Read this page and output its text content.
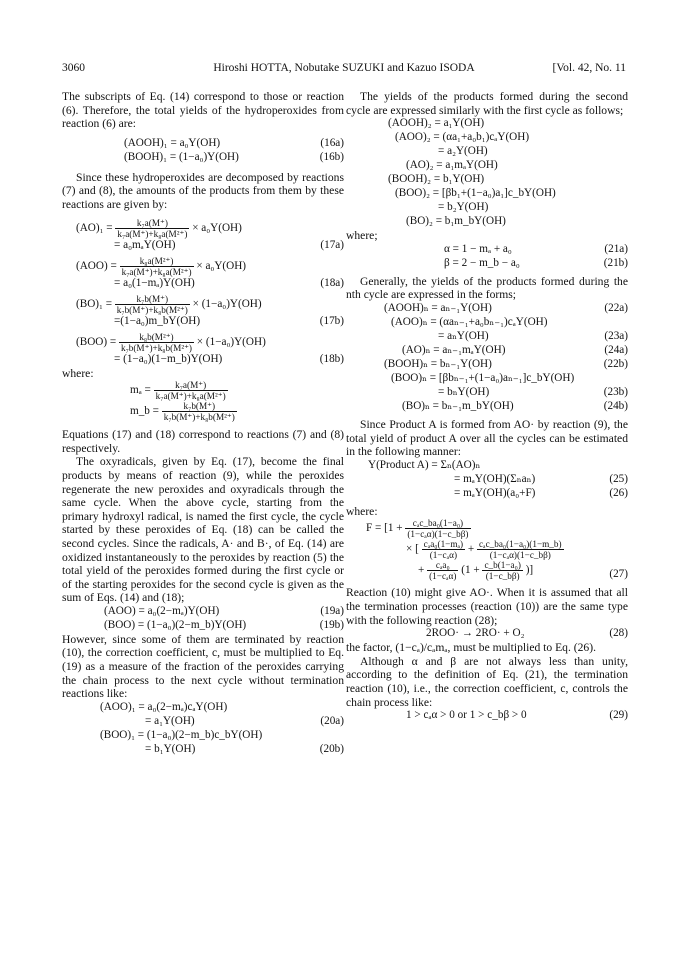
3060	Hiroshi HOTTA, Nobutake SUZUKI and Kazuo ISODA	[Vol. 42, No. 11

The subscripts of Eq. (14) correspond to those or reaction (6). Therefore, the total yields of the hydroperoxides from reaction (6) are:

(AOOH)₁ = a₀Y(OH)	(16a)
(BOOH)₁ = (1−a₀)Y(OH)	(16b)

Since these hydroperoxides are decomposed by reactions (7) and (8), the amounts of the products from them by these reactions are given by:

$(AO)_1 = \frac{\text{k₇a(M⁺)}}{\text{k₇a(M⁺)+k₈a(M²⁺)}} \times a_0Y(OH)$
= a₀mₐY(OH)	(17a)
$(AOO) = \frac{\text{k₈a(M²⁺)}}{\text{k₇a(M⁺)+k₈a(M²⁺)}} \times a_0Y(OH)$
= a₀(1−mₐ)Y(OH)	(18a)
$(BO)_1 = \frac{\text{k₇b(M⁺)}}{\text{k₇b(M⁺)+k₈b(M²⁺)}} \times (1-a_0)Y(OH)$
=(1−a₀)m_bY(OH)	(17b)
$(BOO) = \frac{\text{k₈b(M²⁺)}}{\text{k₇b(M⁺)+k₈b(M²⁺)}} \times (1-a_0)Y(OH)$
= (1−a₀)(1−m_b)Y(OH)	(18b)

where:

$m_a = \frac{\text{k₇a(M⁺)}}{\text{k₇a(M⁺)+k₈a(M²⁺)}}$
m_b = $\frac{\text{k₇b(M⁺)}}{\text{k₇b(M⁺)+k₈b(M²⁺)}}$

Equations (17) and (18) correspond to reactions (7) and (8) respectively.

The oxyradicals, given by Eq. (17), become the final products by means of reaction (9), while the peroxides regenerate the new peroxides and oxyradicals through the same cycle. When the above cycle, starting from the primary hydroxyl radical, is named the first cycle, the cycle started by these peroxides of Eq. (18) can be called the second cycles. Since the radicals, A· and B·, of Eq. (14) are oxidized instantaneously to the peroxides by reaction (5) the total yield of the peroxides formed during the first cycle or of the starting peroxides for the second cycle is given as the sum of Eqs. (14) and (18);

(AOO) = a₀(2−mₐ)Y(OH)	(19a)
(BOO) = (1−a₀)(2−m_b)Y(OH)	(19b)

However, since some of them are terminated by reaction (10), the correction coefficient, c, must be multiplied to Eq. (19) as a measure of the fraction of the peroxides carrying the chain process to the next cycle without termination reactions like:

(AOO)₁ = a₀(2−mₐ)cₐY(OH)
= a₁Y(OH)	(20a)
(BOO)₁ = (1−a₀)(2−m_b)c_bY(OH)
= b₁Y(OH)	(20b)

The yields of the products formed during the second cycle are expressed similarly with the first cycle as follows;

(AOOH)₂ = a₁Y(OH)
(AOO)₂ = (αa₁+a₀b₁)cₐY(OH)
= a₂Y(OH)
(AO)₂ = a₁mₐY(OH)
(BOOH)₂ = b₁Y(OH)
(BOO)₂ = [βb₁+(1−a₀)a₁]c_bY(OH)
= b₂Y(OH)
(BO)₂ = b₁m_bY(OH)

where;

α = 1 − mₐ + a₀	(21a)
β = 2 − m_b − a₀	(21b)

Generally, the yields of the products formed during the nth cycle are expressed in the forms;

(AOOH)ₙ = aₙ₋₁Y(OH)	(22a)
(AOO)ₙ = (αaₙ₋₁+a₀bₙ₋₁)cₐY(OH)
= aₙY(OH)	(23a)
(AO)ₙ = aₙ₋₁mₐY(OH)	(24a)
(BOOH)ₙ = bₙ₋₁Y(OH)	(22b)
(BOO)ₙ = [βbₙ₋₁+(1−a₀)aₙ₋₁]c_bY(OH)
= bₙY(OH)	(23b)
(BO)ₙ = bₙ₋₁m_bY(OH)	(24b)

Since Product A is formed from AO· by reaction (9), the total yield of product A over all the cycles can be estimated in the following manner:

Y(Product A) = Σₙ(AO)ₙ
= mₐY(OH)(Σₙaₙ)	(25)
= mₐY(OH)(a₀+F)	(26)

where:

$F = [1 + \frac{\text{cₐc\_ba₀(1−a₀)}}{\text{(1−cₐα)(1−c\_bβ)}}$
× [ $\frac{\text{cₐa₀(1−mₐ)}}{\text{(1−cₐα)}} + \frac{\text{cₐc\_ba₀(1−a₀)(1−m\_b)}}{\text{(1−cₐα)(1−c\_bβ)}}$
+ $\frac{\text{cₐa₀}}{\text{(1−cₐα)}} (1 + \frac{\text{c\_b(1−a₀)}}{(1-c\_b\beta)}$ )]	(27)

Reaction (10) might give AO·. When it is assumed that all the termination processes (reaction (10)) are the same type with the following reaction (28);

2ROO· → 2RO· + O₂	(28)

the factor, (1−cₐ)/cₐmₐ, must be multiplied to Eq. (26).

Although α and β are not always less than unity, according to the definition of Eq. (21), the termination reaction (10), i.e., the correction coefficient, c, controls the chain process like:

1 > cₐα > 0 or 1 > c_bβ > 0	(29)
